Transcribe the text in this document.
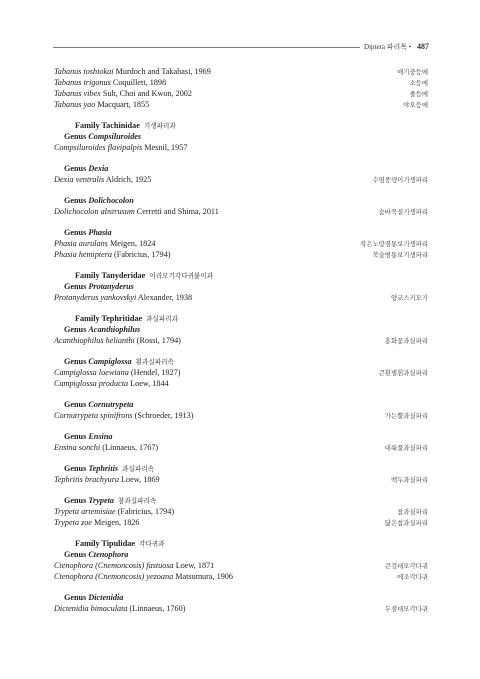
Diptera 파리목 • 487
Tabanus toshiokai Murdoch and Takahasi, 1969	애기중등에
Tabanus trigonus Coquillett, 1898	소등에
Tabanus vibex Suh, Choi and Kwon, 2002	줄등에
Tabanus yao Macquart, 1855	야오등에
Family Tachinidae 기생파리과
Genus Compsiluroides
Compsiluroides flavipalpis Mesnil, 1957
Genus Dexia
Dexia ventralis Aldrich, 1925	수염풍뎅이기생파리
Genus Dolichocolon
Dolichocolon abstrusum Cerretti and Shima, 2011	숨바꼭질기생파리
Genus Phasia
Phasia aurulans Meigen, 1824	작은노랑점통보기생파리
Phasia hemiptera (Fabricius, 1794)	북슬범통보기생파리
Family Tanyderidae 어리모기각다귀붙이과
Genus Protanyderus
Protanyderus yankovskyi Alexander, 1938	양코스키모기
Family Tephritidae 과실파리과
Genus Acanthiophilus
Acanthiophilus helianthi (Rossi, 1794)	홍화꽃과실파리
Genus Campiglossa 흰과실파리속
Campiglossa loewiana (Hendel, 1927)	큰흰별흰과실파리
Campiglossa producta Loew, 1844
Genus Cornutrypeta
Cornutrypeta spinifrons (Schroeder, 1913)	가는뿔과실파리
Genus Ensina
Ensina sonchi (Linnaeus, 1767)	대륙풀과실파리
Genus Tephritis 과실파리속
Tephritis brachyura Loew, 1869	백두과실파리
Genus Trypeta 참과실파리속
Trypeta artemisiae (Fabricius, 1794)	참과실파리
Trypeta zoe Meigen, 1826	닮은참과실파리
Family Tipulidae 각다귀과
Genus Ctenophora
Ctenophora (Cnemoncosis) fastuosa Loew, 1871	큰검대모각다귀
Ctenophora (Cnemoncosis) yezoana Matsumura, 1906	에조각다귀
Genus Dictenidia
Dictenidia bimaculata (Linnaeus, 1760)	두점대모각다귀
